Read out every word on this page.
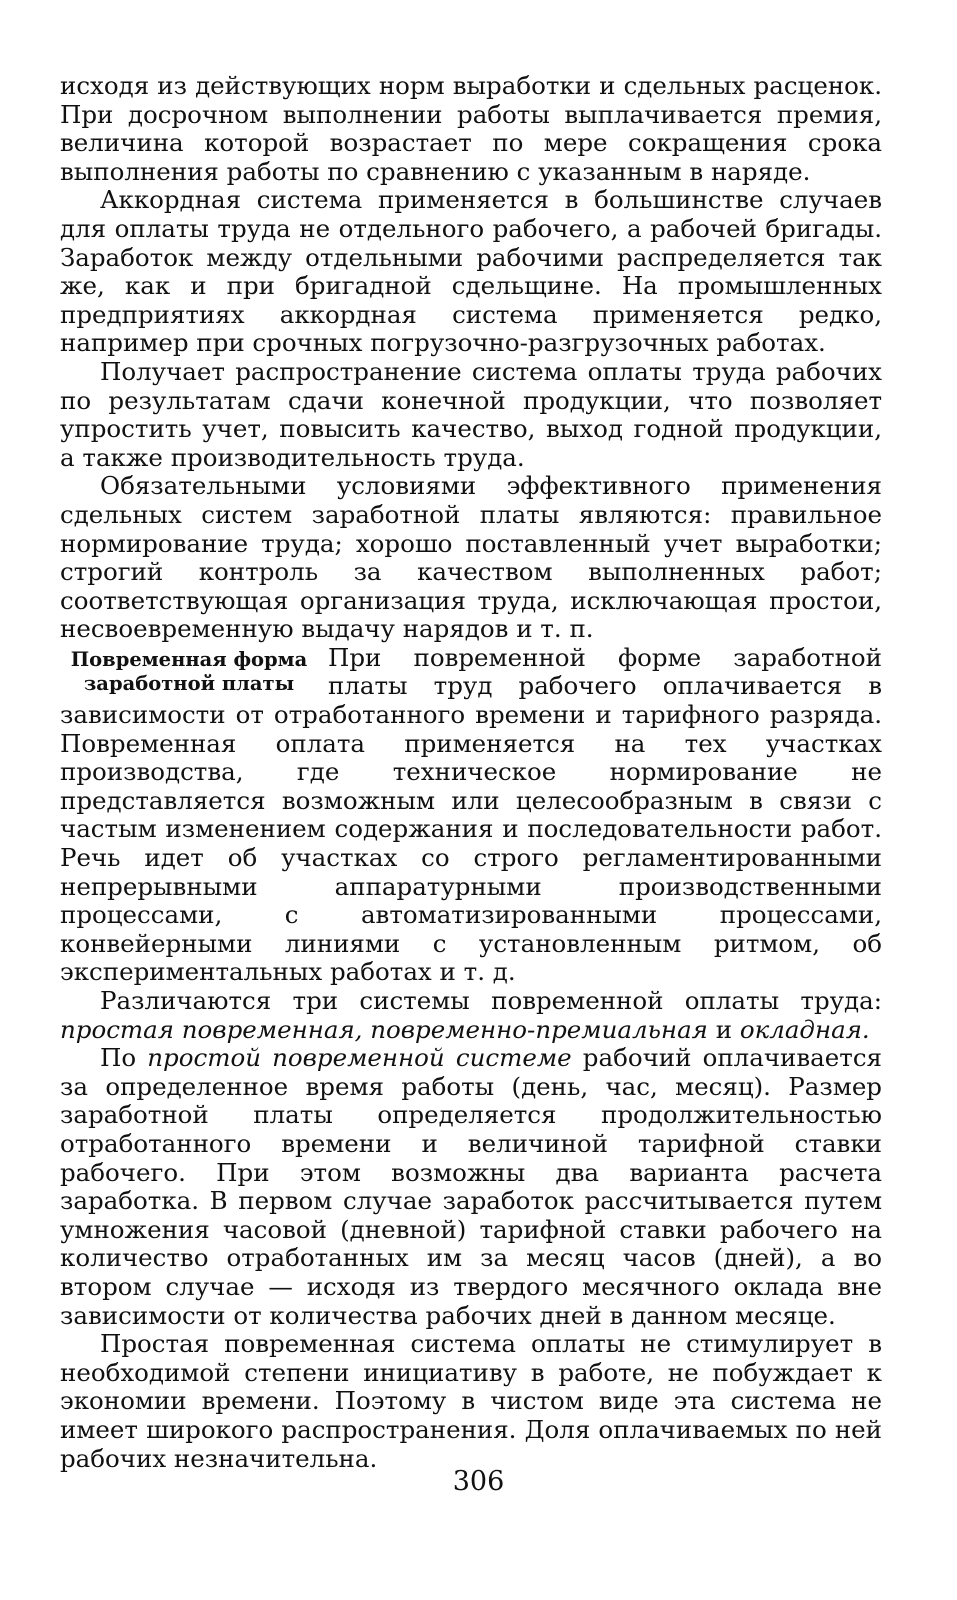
исходя из действующих норм выработки и сдельных расценок. При досрочном выполнении работы выплачивается премия, величина которой возрастает по мере сокращения срока выполнения работы по сравнению с указанным в наряде.

Аккордная система применяется в большинстве случаев для оплаты труда не отдельного рабочего, а рабочей бригады. Заработок между отдельными рабочими распределяется так же, как и при бригадной сдельщине. На промышленных предприятиях аккордная система применяется редко, например при срочных погрузочно-разгрузочных работах.

Получает распространение система оплаты труда рабочих по результатам сдачи конечной продукции, что позволяет упростить учет, повысить качество, выход годной продукции, а также производительность труда.

Обязательными условиями эффективного применения сдельных систем заработной платы являются: правильное нормирование труда; хорошо поставленный учет выработки; строгий контроль за качеством выполненных работ; соответствующая организация труда, исключающая простои, несвоевременную выдачу нарядов и т. п.

Повременная форма
заработной платы

При повременной форме заработной платы труд рабочего оплачивается в зависимости от отработанного времени и тарифного разряда. Повременная оплата применяется на тех участках производства, где техническое нормирование не представляется возможным или целесообразным в связи с частым изменением содержания и последовательности работ. Речь идет об участках со строго регламентированными непрерывными аппаратурными производственными процессами, с автоматизированными процессами, конвейерными линиями с установленным ритмом, об экспериментальных работах и т. д.

Различаются три системы повременной оплаты труда: простая повременная, повременно-премиальная и окладная.

По простой повременной системе рабочий оплачивается за определенное время работы (день, час, месяц). Размер заработной платы определяется продолжительностью отработанного времени и величиной тарифной ставки рабочего. При этом возможны два варианта расчета заработка. В первом случае заработок рассчитывается путем умножения часовой (дневной) тарифной ставки рабочего на количество отработанных им за месяц часов (дней), а во втором случае — исходя из твердого месячного оклада вне зависимости от количества рабочих дней в данном месяце.

Простая повременная система оплаты не стимулирует в необходимой степени инициативу в работе, не побуждает к экономии времени. Поэтому в чистом виде эта система не имеет широкого распространения. Доля оплачиваемых по ней рабочих незначительна.

306
